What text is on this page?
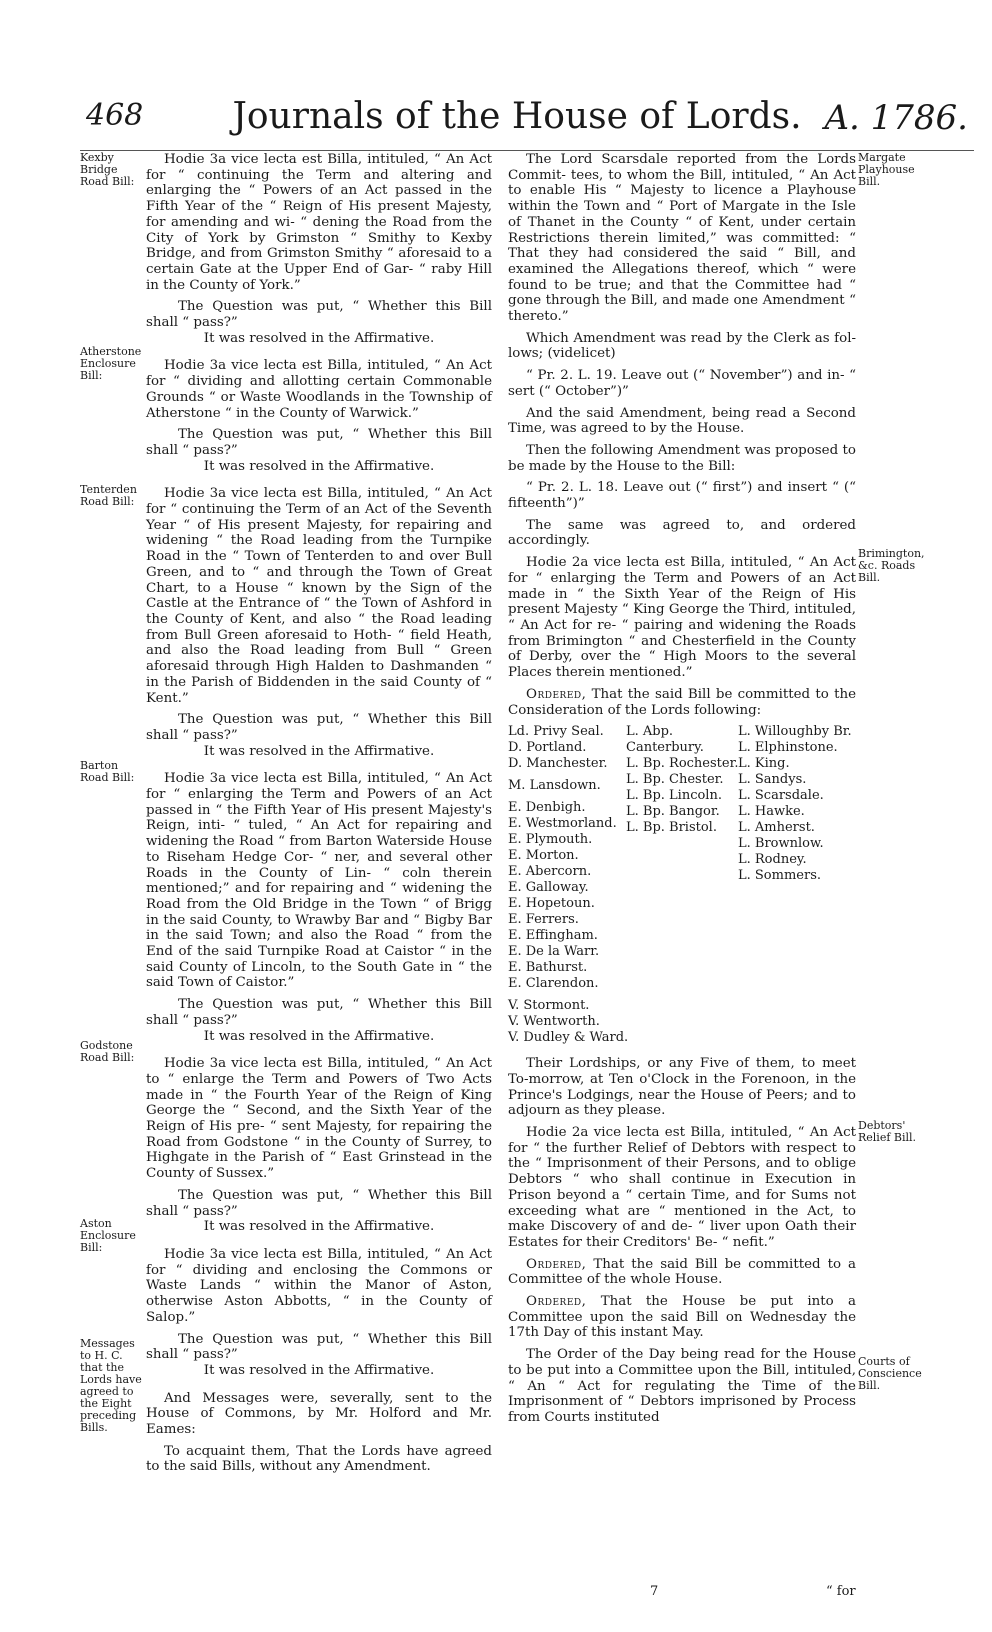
468	Journals of the House of Lords. A. 1786.
Kexby Bridge Road Bill:
Atherstone Enclosure Bill:
Tenterden Road Bill:
Barton Road Bill:
Godstone Road Bill:
Aston Enclosure Bill:
Messages to H. C. that the Lords have agreed to the Eight preceding Bills.
Margate Playhouse Bill.
Brimington, &c. Roads Bill.
Debtors' Relief Bill.
Courts of Conscience Bill.

Hodie 3a vice lecta est Billa, intituled, “ An Act for “ continuing the Term and altering and enlarging the “ Powers of an Act passed in the Fifth Year of the “ Reign of His present Majesty, for amending and wi- “ dening the Road from the City of York by Grimston “ Smithy to Kexby Bridge, and from Grimston Smithy “ aforesaid to a certain Gate at the Upper End of Gar- “ raby Hill in the County of York.”

The Question was put, “ Whether this Bill shall “ pass?”

It was resolved in the Affirmative.

Hodie 3a vice lecta est Billa, intituled, “ An Act for “ dividing and allotting certain Commonable Grounds “ or Waste Woodlands in the Township of Atherstone “ in the County of Warwick.”

The Question was put, “ Whether this Bill shall “ pass?”

It was resolved in the Affirmative.

Hodie 3a vice lecta est Billa, intituled, “ An Act for “ continuing the Term of an Act of the Seventh Year “ of His present Majesty, for repairing and widening “ the Road leading from the Turnpike Road in the “ Town of Tenterden to and over Bull Green, and to “ and through the Town of Great Chart, to a House “ known by the Sign of the Castle at the Entrance of “ the Town of Ashford in the County of Kent, and also “ the Road leading from Bull Green aforesaid to Hoth- “ field Heath, and also the Road leading from Bull “ Green aforesaid through High Halden to Dashmanden “ in the Parish of Biddenden in the said County of “ Kent.”

The Question was put, “ Whether this Bill shall “ pass?”

It was resolved in the Affirmative.

Hodie 3a vice lecta est Billa, intituled, “ An Act for “ enlarging the Term and Powers of an Act passed in “ the Fifth Year of His present Majesty's Reign, inti- “ tuled, “ An Act for repairing and widening the Road “ from Barton Waterside House to Riseham Hedge Cor- “ ner, and several other Roads in the County of Lin- “ coln therein mentioned;” and for repairing and “ widening the Road from the Old Bridge in the Town “ of Brigg in the said County, to Wrawby Bar and “ Bigby Bar in the said Town; and also the Road “ from the End of the said Turnpike Road at Caistor “ in the said County of Lincoln, to the South Gate in “ the said Town of Caistor.”

The Question was put, “ Whether this Bill shall “ pass?”

It was resolved in the Affirmative.

Hodie 3a vice lecta est Billa, intituled, “ An Act to “ enlarge the Term and Powers of Two Acts made in “ the Fourth Year of the Reign of King George the “ Second, and the Sixth Year of the Reign of His pre- “ sent Majesty, for repairing the Road from Godstone “ in the County of Surrey, to Highgate in the Parish of “ East Grinstead in the County of Sussex.”

The Question was put, “ Whether this Bill shall “ pass?”

It was resolved in the Affirmative.

Hodie 3a vice lecta est Billa, intituled, “ An Act for “ dividing and enclosing the Commons or Waste Lands “ within the Manor of Aston, otherwise Aston Abbotts, “ in the County of Salop.”

The Question was put, “ Whether this Bill shall “ pass?”

It was resolved in the Affirmative.

And Messages were, severally, sent to the House of Commons, by Mr. Holford and Mr. Eames:

To acquaint them, That the Lords have agreed to the said Bills, without any Amendment.

The Lord Scarsdale reported from the Lords Commit- tees, to whom the Bill, intituled, “ An Act to enable His “ Majesty to licence a Playhouse within the Town and “ Port of Margate in the Isle of Thanet in the County “ of Kent, under certain Restrictions therein limited,” was committed: “ That they had considered the said “ Bill, and examined the Allegations thereof, which “ were found to be true; and that the Committee had “ gone through the Bill, and made one Amendment “ thereto.”

Which Amendment was read by the Clerk as fol- lows; (videlicet)

“ Pr. 2. L. 19. Leave out (“ November”) and in- “ sert (“ October”)”

And the said Amendment, being read a Second Time, was agreed to by the House.

Then the following Amendment was proposed to be made by the House to the Bill:

“ Pr. 2. L. 18. Leave out (“ first”) and insert “ (“ fifteenth”)”

The same was agreed to, and ordered accordingly.

Hodie 2a vice lecta est Billa, intituled, “ An Act for “ enlarging the Term and Powers of an Act made in “ the Sixth Year of the Reign of His present Majesty “ King George the Third, intituled, “ An Act for re- “ pairing and widening the Roads from Brimington “ and Chesterfield in the County of Derby, over the “ High Moors to the several Places therein mentioned.”

Ordered, That the said Bill be committed to the Consideration of the Lords following:

Ld. Privy Seal.
D. Portland.
D. Manchester.
M. Lansdown.
E. Denbigh.
E. Westmorland.
E. Plymouth.
E. Morton.
E. Abercorn.
E. Galloway.
E. Hopetoun.
E. Ferrers.
E. Effingham.
E. De la Warr.
E. Bathurst.
E. Clarendon.
V. Stormont.
V. Wentworth.
V. Dudley & Ward.
L. Abp. Canterbury.
L. Bp. Rochester.
L. Bp. Chester.
L. Bp. Lincoln.
L. Bp. Bangor.
L. Bp. Bristol.
L. Willoughby Br.
L. Elphinstone.
L. King.
L. Sandys.
L. Scarsdale.
L. Hawke.
L. Amherst.
L. Brownlow.
L. Rodney.
L. Sommers.

Their Lordships, or any Five of them, to meet To-morrow, at Ten o'Clock in the Forenoon, in the Prince's Lodgings, near the House of Peers; and to adjourn as they please.

Hodie 2a vice lecta est Billa, intituled, “ An Act for “ the further Relief of Debtors with respect to the “ Imprisonment of their Persons, and to oblige Debtors “ who shall continue in Execution in Prison beyond a “ certain Time, and for Sums not exceeding what are “ mentioned in the Act, to make Discovery of and de- “ liver upon Oath their Estates for their Creditors' Be- “ nefit.”

Ordered, That the said Bill be committed to a Committee of the whole House.

Ordered, That the House be put into a Committee upon the said Bill on Wednesday the 17th Day of this instant May.

The Order of the Day being read for the House to be put into a Committee upon the Bill, intituled, “ An “ Act for regulating the Time of the Imprisonment of “ Debtors imprisoned by Process from Courts instituted

7	“ for
